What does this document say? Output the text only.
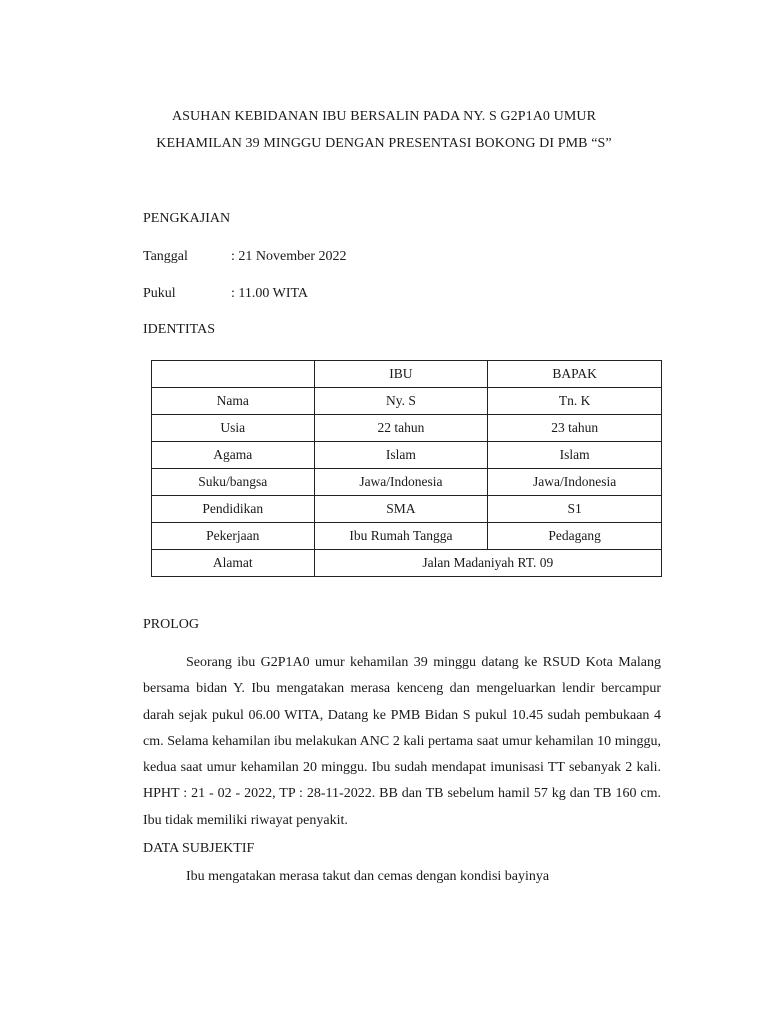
ASUHAN KEBIDANAN IBU BERSALIN PADA NY. S G2P1A0 UMUR
KEHAMILAN 39 MINGGU DENGAN PRESENTASI BOKONG DI PMB “S”
PENGKAJIAN
Tanggal	: 21 November 2022
Pukul	: 11.00 WITA
IDENTITAS
	IBU	BAPAK
Nama	Ny. S	Tn. K
Usia	22 tahun	23 tahun
Agama	Islam	Islam
Suku/bangsa	Jawa/Indonesia	Jawa/Indonesia
Pendidikan	SMA	S1
Pekerjaan	Ibu Rumah Tangga	Pedagang
Alamat	Jalan Madaniyah RT. 09	
PROLOG
Seorang ibu G2P1A0 umur kehamilan 39 minggu datang ke RSUD Kota Malang bersama bidan Y. Ibu mengatakan merasa kenceng dan mengeluarkan lendir bercampur darah sejak pukul 06.00 WITA, Datang ke PMB Bidan S pukul 10.45 sudah pembukaan 4 cm. Selama kehamilan ibu melakukan ANC 2 kali pertama saat umur kehamilan 10 minggu, kedua saat umur kehamilan 20 minggu. Ibu sudah mendapat imunisasi TT sebanyak 2 kali. HPHT : 21 - 02 - 2022, TP : 28-11-2022. BB dan TB sebelum hamil 57 kg dan TB 160 cm. Ibu tidak memiliki riwayat penyakit.
DATA SUBJEKTIF
Ibu mengatakan merasa takut dan cemas dengan kondisi bayinya
